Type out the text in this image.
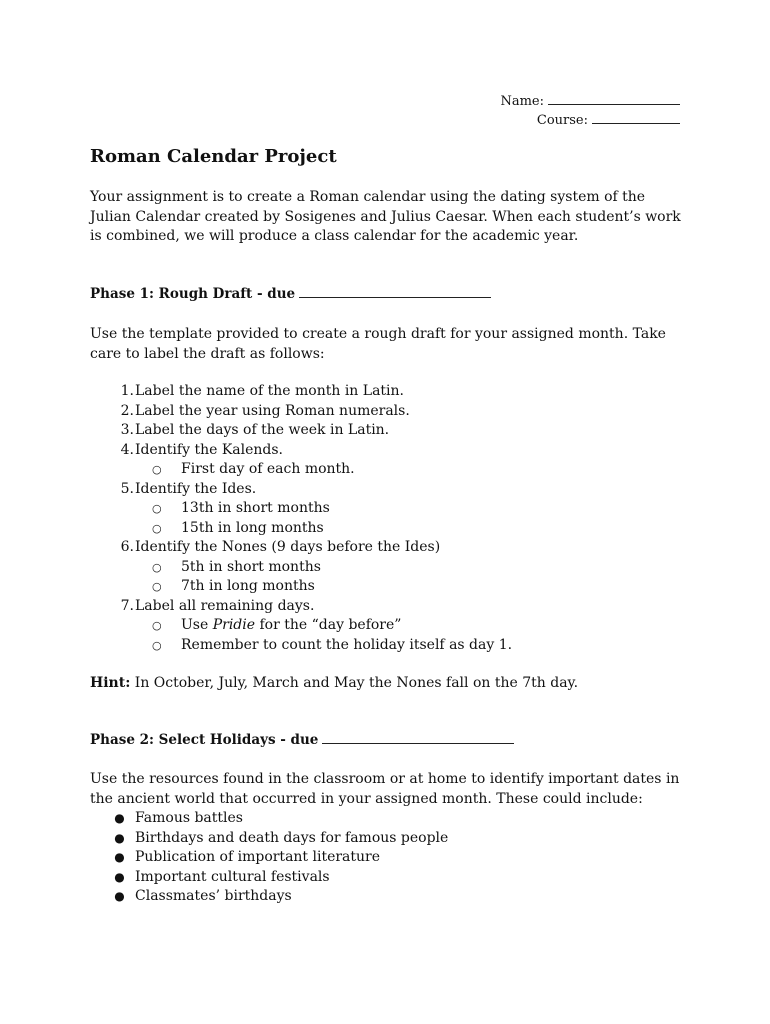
Name:
Course:
Roman Calendar Project

Your assignment is to create a Roman calendar using the dating system of the Julian Calendar created by Sosigenes and Julius Caesar. When each student’s work is combined, we will produce a class calendar for the academic year.

Phase 1: Rough Draft - due

Use the template provided to create a rough draft for your assigned month. Take care to label the draft as follows:

1. Label the name of the month in Latin.
2. Label the year using Roman numerals.
3. Label the days of the week in Latin.
4. Identify the Kalends.
○	First day of each month.
5. Identify the Ides.
○	13th in short months
○	15th in long months
6. Identify the Nones (9 days before the Ides)
○	5th in short months
○	7th in long months
7. Label all remaining days.
○	Use Pridie for the “day before”
○	Remember to count the holiday itself as day 1.

Hint: In October, July, March and May the Nones fall on the 7th day.

Phase 2: Select Holidays - due

Use the resources found in the classroom or at home to identify important dates in the ancient world that occurred in your assigned month. These could include:

● Famous battles
● Birthdays and death days for famous people
● Publication of important literature
● Important cultural festivals
● Classmates’ birthdays
